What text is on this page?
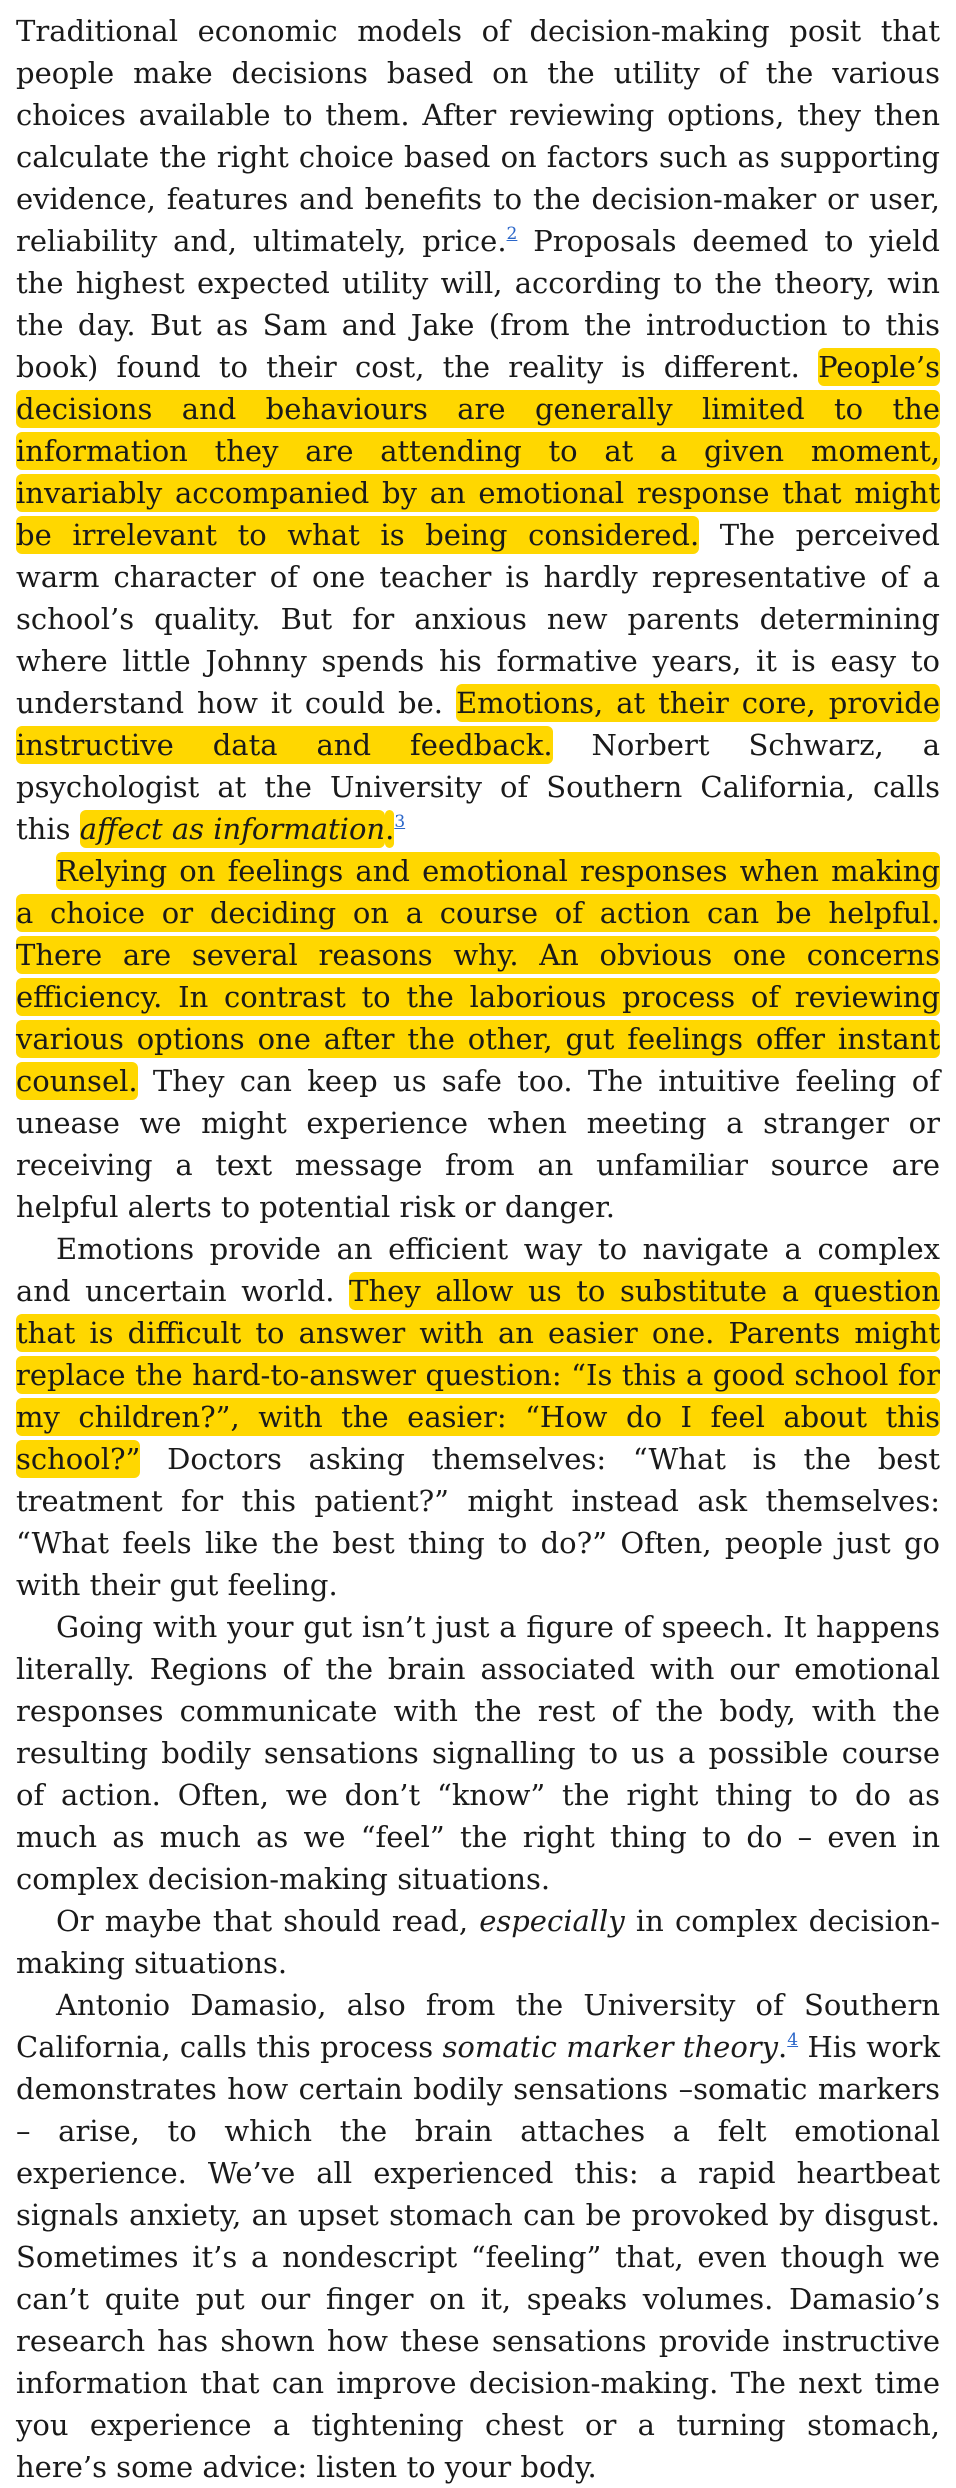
Traditional economic models of decision-making posit that people make decisions based on the utility of the various choices available to them. After reviewing options, they then calculate the right choice based on factors such as supporting evidence, features and benefits to the decision-maker or user, reliability and, ultimately, price.$^2$ Proposals deemed to yield the highest expected utility will, according to the theory, win the day. But as Sam and Jake (from the introduction to this book) found to their cost, the reality is different. People’s decisions and behaviours are generally limited to the information they are attending to at a given moment, invariably accompanied by an emotional response that might be irrelevant to what is being considered. The perceived warm character of one teacher is hardly representative of a school’s quality. But for anxious new parents determining where little Johnny spends his formative years, it is easy to understand how it could be. Emotions, at their core, provide instructive data and feedback. Norbert Schwarz, a psychologist at the University of Southern California, calls this affect as information.$^3$

Relying on feelings and emotional responses when making a choice or deciding on a course of action can be helpful. There are several reasons why. An obvious one concerns efficiency. In contrast to the laborious process of reviewing various options one after the other, gut feelings offer instant counsel. They can keep us safe too. The intuitive feeling of unease we might experience when meeting a stranger or receiving a text message from an unfamiliar source are helpful alerts to potential risk or danger.

Emotions provide an efficient way to navigate a complex and uncertain world. They allow us to substitute a question that is difficult to answer with an easier one. Parents might replace the hard-to-answer question: “Is this a good school for my children?”, with the easier: “How do I feel about this school?” Doctors asking themselves: “What is the best treatment for this patient?” might instead ask themselves: “What feels like the best thing to do?” Often, people just go with their gut feeling.

Going with your gut isn’t just a figure of speech. It happens literally. Regions of the brain associated with our emotional responses communicate with the rest of the body, with the resulting bodily sensations signalling to us a possible course of action. Often, we don’t “know” the right thing to do as much as much as we “feel” the right thing to do – even in complex decision-making situations.

Or maybe that should read, especially in complex decision-making situations.

Antonio Damasio, also from the University of Southern California, calls this process somatic marker theory.$^4$ His work demonstrates how certain bodily sensations –somatic markers – arise, to which the brain attaches a felt emotional experience. We’ve all experienced this: a rapid heartbeat signals anxiety, an upset stomach can be provoked by disgust. Sometimes it’s a nondescript “feeling” that, even though we can’t quite put our finger on it, speaks volumes. Damasio’s research has shown how these sensations provide instructive information that can improve decision-making. The next time you experience a tightening chest or a turning stomach, here’s some advice: listen to your body.
